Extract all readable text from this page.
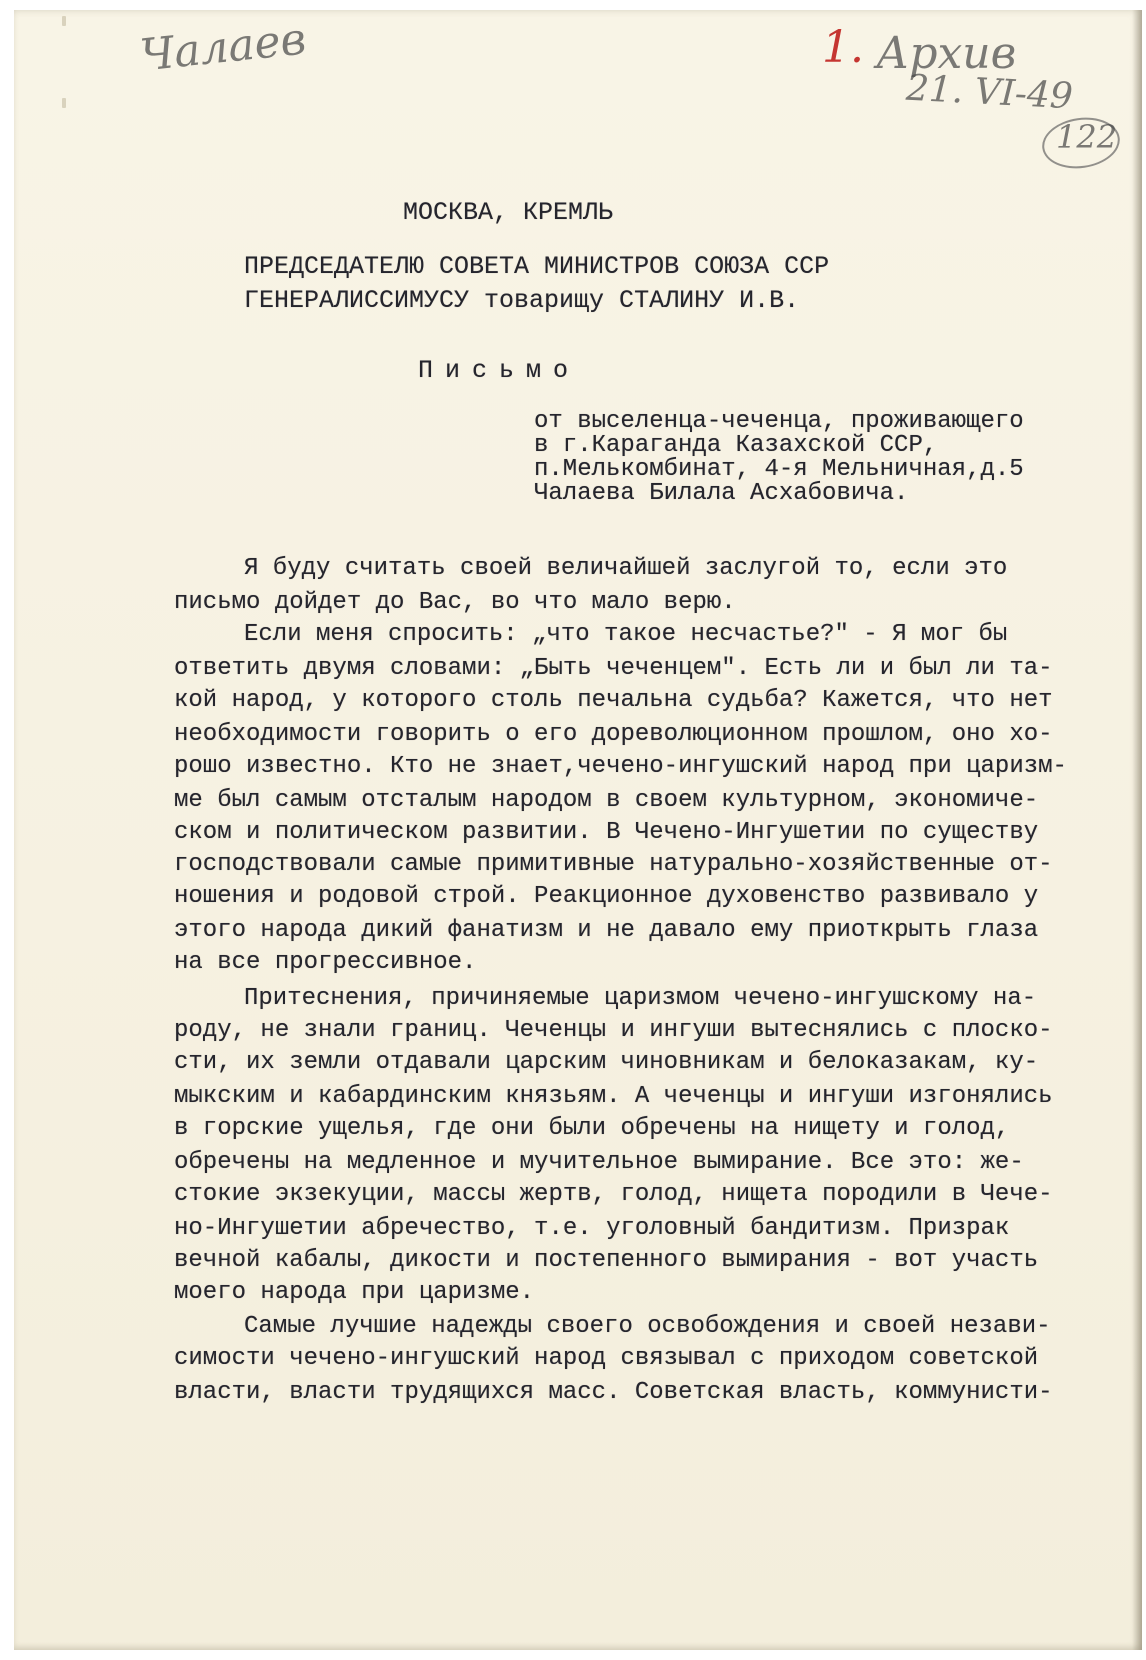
Чалаев	1. Архив
21. VI-49
122
МОСКВА, КРЕМЛЬ
ПРЕДСЕДАТЕЛЮ СОВЕТА МИНИСТРОВ СОЮЗА ССР
ГЕНЕРАЛИССИМУСУ товарищу СТАЛИНУ И.В.
Письмо
от выселенца-чеченца, проживающего
в г.Караганда Казахской ССР,
п.Мелькомбинат, 4-я Мельничная,д.5
Чалаева Билала Асхабовича.
Я буду считать своей величайшей заслугой то, если это
письмо дойдет до Вас, во что мало верю.
Если меня спросить: „что такое несчастье?" - Я мог бы
ответить двумя словами: „Быть чеченцем". Есть ли и был ли та-
кой народ, у которого столь печальна судьба? Кажется, что нет
необходимости говорить о его дореволюционном прошлом, оно хо-
рошо известно. Кто не знает,чечено-ингушский народ при царизм-
ме был самым отсталым народом в своем культурном, экономиче-
ском и политическом развитии. В Чечено-Ингушетии по существу
господствовали самые примитивные натурально-хозяйственные от-
ношения и родовой строй. Реакционное духовенство развивало у
этого народа дикий фанатизм и не давало ему приоткрыть глаза
на все прогрессивное.
Притеснения, причиняемые царизмом чечено-ингушскому на-
роду, не знали границ. Чеченцы и ингуши вытеснялись с плоско-
сти, их земли отдавали царским чиновникам и белоказакам, ку-
мыкским и кабардинским князьям. А чеченцы и ингуши изгонялись
в горские ущелья, где они были обречены на нищету и голод,
обречены на медленное и мучительное вымирание. Все это: же-
стокие экзекуции, массы жертв, голод, нищета породили в Чече-
но-Ингушетии абречество, т.е. уголовный бандитизм. Призрак
вечной кабалы, дикости и постепенного вымирания - вот участь
моего народа при царизме.
Самые лучшие надежды своего освобождения и своей незави-
симости чечено-ингушский народ связывал с приходом советской
власти, власти трудящихся масс. Советская власть, коммунисти-
